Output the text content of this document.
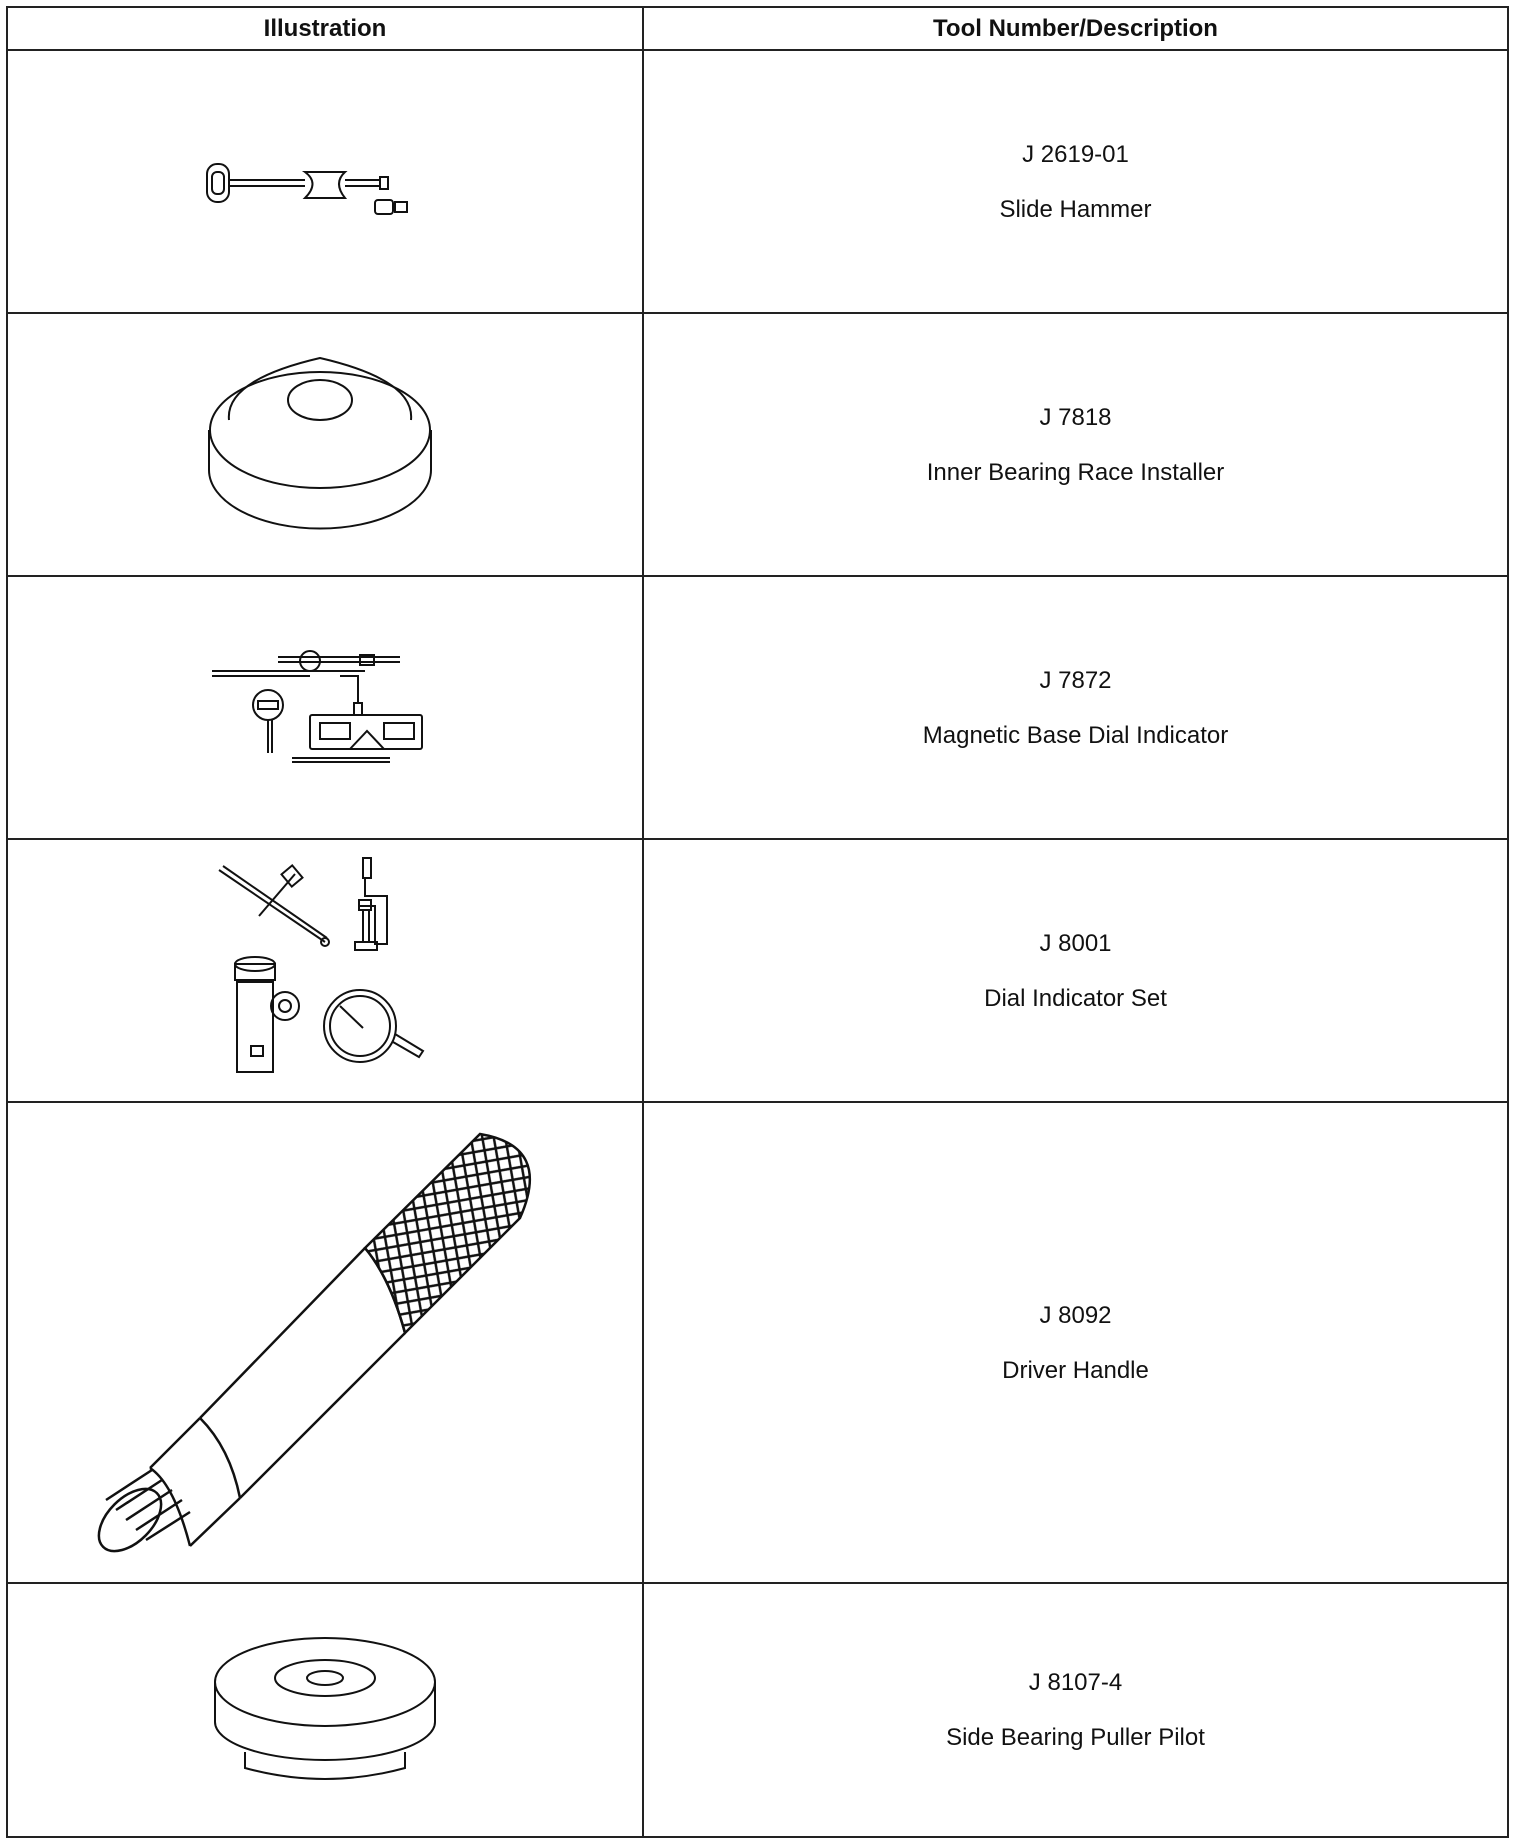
Illustration	Tool Number/Description

J 2619-01
Slide Hammer

J 7818
Inner Bearing Race Installer

J 7872
Magnetic Base Dial Indicator

J 8001
Dial Indicator Set

J 8092
Driver Handle

J 8107-4
Side Bearing Puller Pilot
